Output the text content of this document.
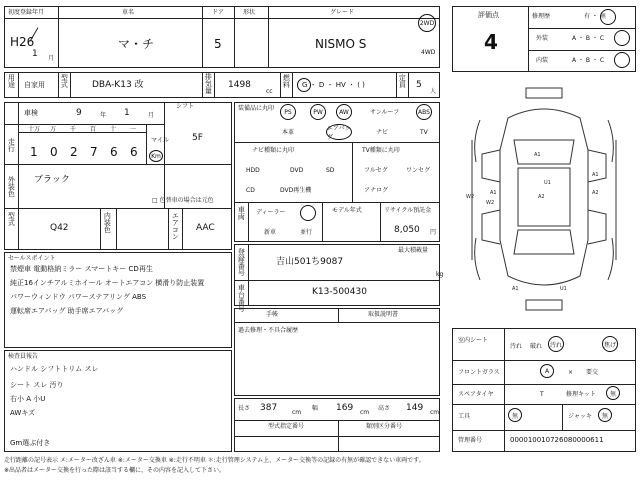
初度登録年月
H26
1 月
車名
マ・チ
ドア
5
形状	グレード
NISMO S
2WD
4WD
用途 自家用 型式	DBA-K13 改	排気量 1498
cc
燃料 G ・ D ・ HV ・ ( )	定員 5
人
車検	9	年 1	月
シフト
5F
走行
十万 万 千 百 十 一
1 0 2 7 6 6
マイル
Km
外装色 ブラック
□ 色替車の場合は元色
型式
Q42	内装色	エアコン AAC
装備品に丸印 PS	PW	AW	サンルーフ	ABS
本革
エアバッグ
ナビ	TV
ナビ種類に丸印
HDD	DVD	SD
CD	DVD再生機
TV種類に丸印
フルセグ	ワンセグ
アナログ
車両 ディーラー
新車	並行
モデル年式	リサイクル預託金
8,050 円
登録番号	吉山501ち9087
最大積載量
kg
車台番号	K13-500430
セールスポイント
禁煙車 電動格納ミラー スマートキー CD再生
純正16インチアルミホイール オートエアコン 横滑り防止装置
パワーウィンドウ パワーステアリング ABS
運転席エアバッグ 助手席エアバッグ
検査員報告
ハンドル シフトトリム スレ
シート スレ 汚り
右小 A 小U
AWキズ
Gm選ぶ付き
手帳	取扱説明書
過去修理・不具合履歴
長さ 387 cm
幅 169 cm
高さ 149 cm
型式指定番号	類別区分番号
評価点
4
修理歴	有 ・ 無
外装	A ・ B ・ C
内装	A ・ B ・ C
A1
U1
A2
A1
A2
A1
W2
A1	U1
W2
室内シート
汚れ 破れ 汚れ	焦げ
フロントガラス	A	× 要交
スペアタイヤ	T	修理キット 無
工具	無	ジャッキ 無
管理番号	000010010726080000611
走行距離の記号表示 メ:メーター改ざん車 ※:メーター交換車 ※:走行不明車 ＊:走行管理システム上、メーター交換等の記録の有無が確認できない車両です。
※出品者はメーター交換を行った際は該当する欄に、その内容を記入して下さい。
